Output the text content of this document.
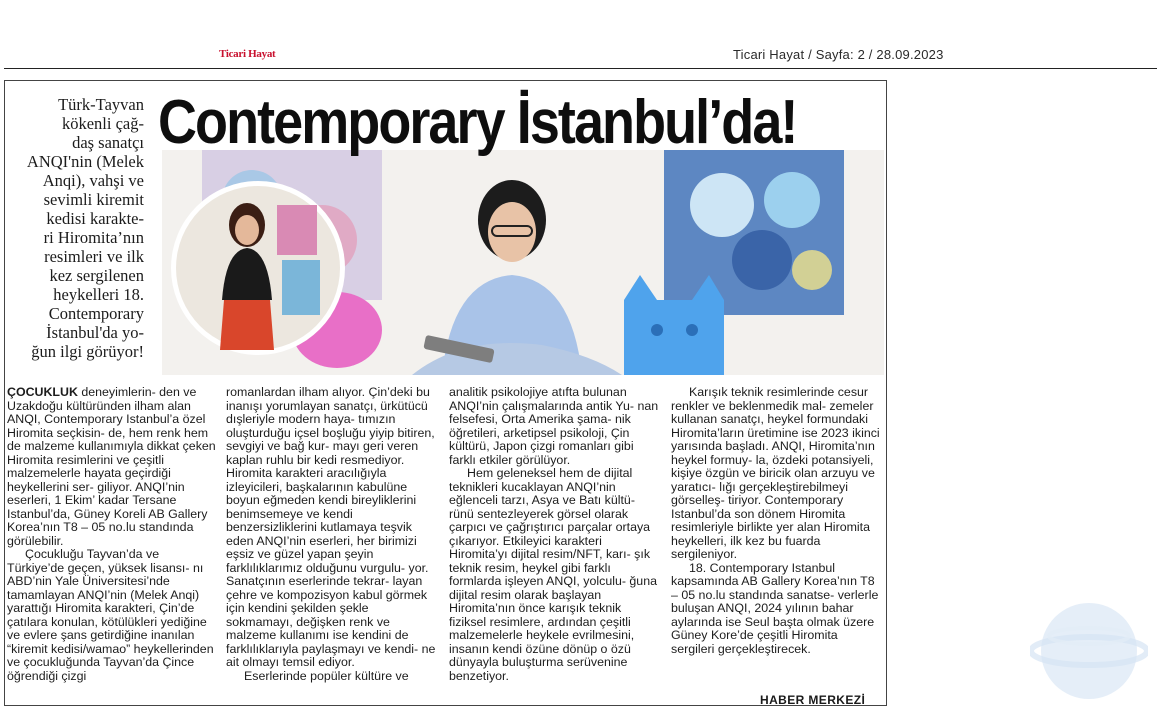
Ticari Hayat	Ticari Hayat / Sayfa: 2 / 28.09.2023
Contemporary İstanbul’da!
Türk-Tayvan
kökenli çağ-
daş sanatçı
ANQI'nin (Melek
Anqi), vahşi ve
sevimli kiremit
kedisi karakte-
ri Hiromita’nın
resimleri ve ilk
kez sergilenen
heykelleri 18.
Contemporary
İstanbul'da yo-
ğun ilgi görüyor!

ÇOCUKLUK deneyimlerin- den ve Uzakdoğu kültüründen ilham alan ANQI, Contemporary Istanbul’a özel Hiromita seçkisin- de, hem renk hem de malzeme kullanımıyla dikkat çeken Hiromita resimlerini ve çeşitli malzemelerle hayata geçirdiği heykellerini ser- giliyor. ANQI’nin eserleri, 1 Ekim’ kadar Tersane Istanbul’da, Güney Koreli AB Gallery Korea’nın T8 – 05 no.lu standında görülebilir.

Çocukluğu Tayvan’da ve Türkiye’de geçen, yüksek lisansı- nı ABD’nin Yale Üniversitesi’nde tamamlayan ANQI’nin (Melek Anqi) yarattığı Hiromita karakteri, Çin’de çatılara konulan, kötülükleri yediğine ve evlere şans getirdiğine inanılan “kiremit kedisi/wamao” heykellerinden ve çocukluğunda Tayvan’da Çince öğrendiği çizgi

romanlardan ilham alıyor. Çin’deki bu inanışı yorumlayan sanatçı, ürkütücü dışleriyle modern haya- tımızın oluşturduğu içsel boşluğu yiyip bitiren, sevgiyi ve bağ kur- mayı geri veren kaplan ruhlu bir kedi resmediyor. Hiromita karakteri aracılığıyla izleyicileri, başkalarının kabulüne boyun eğmeden kendi bireyliklerini benimsemeye ve kendi benzersizliklerini kutlamaya teşvik eden ANQI’nin eserleri, her birimizi eşsiz ve güzel yapan şeyin farklılıklarımız olduğunu vurgulu- yor. Sanatçının eserlerinde tekrar- layan çehre ve kompozisyon kabul görmek için kendini şekilden şekle sokmamayı, değişken renk ve malzeme kullanımı ise kendini de farklılıklarıyla paylaşmayı ve kendi- ne ait olmayı temsil ediyor.

Eserlerinde popüler kültüre ve

analitik psikolojiye atıfta bulunan ANQI’nin çalışmalarında antik Yu- nan felsefesi, Orta Amerika şama- nik öğretileri, arketipsel psikoloji, Çin kültürü, Japon çizgi romanları gibi farklı etkiler görülüyor.

Hem geleneksel hem de dijital teknikleri kucaklayan ANQI’nin eğlenceli tarzı, Asya ve Batı kültü- rünü sentezleyerek görsel olarak çarpıcı ve çağrıştırıcı parçalar ortaya çıkarıyor. Etkileyici karakteri Hiromita’yı dijital resim/NFT, karı- şık teknik resim, heykel gibi farklı formlarda işleyen ANQI, yolculu- ğuna dijital resim olarak başlayan Hiromita’nın önce karışık teknik fiziksel resimlere, ardından çeşitli malzemelerle heykele evrilmesini, insanın kendi özüne dönüp o özü dünyayla buluşturma serüvenine benzetiyor.

Karışık teknik resimlerinde cesur renkler ve beklenmedik mal- zemeler kullanan sanatçı, heykel formundaki Hiromita’ların üretimine ise 2023 ikinci yarısında başladı. ANQI, Hiromita’nın heykel formuy- la, özdeki potansiyeli, kişiye özgün ve biricik olan arzuyu ve yaratıcı- lığı gerçekleştirebilmeyi görselleş- tiriyor. Contemporary Istanbul’da son dönem Hiromita resimleriyle birlikte yer alan Hiromita heykelleri, ilk kez bu fuarda sergileniyor.

18. Contemporary Istanbul kapsamında AB Gallery Korea’nın T8 – 05 no.lu standında sanatse- verlerle buluşan ANQI, 2024 yılının bahar aylarında ise Seul başta olmak üzere Güney Kore’de çeşitli Hiromita sergileri gerçekleştirecek.

HABER MERKEZİ
